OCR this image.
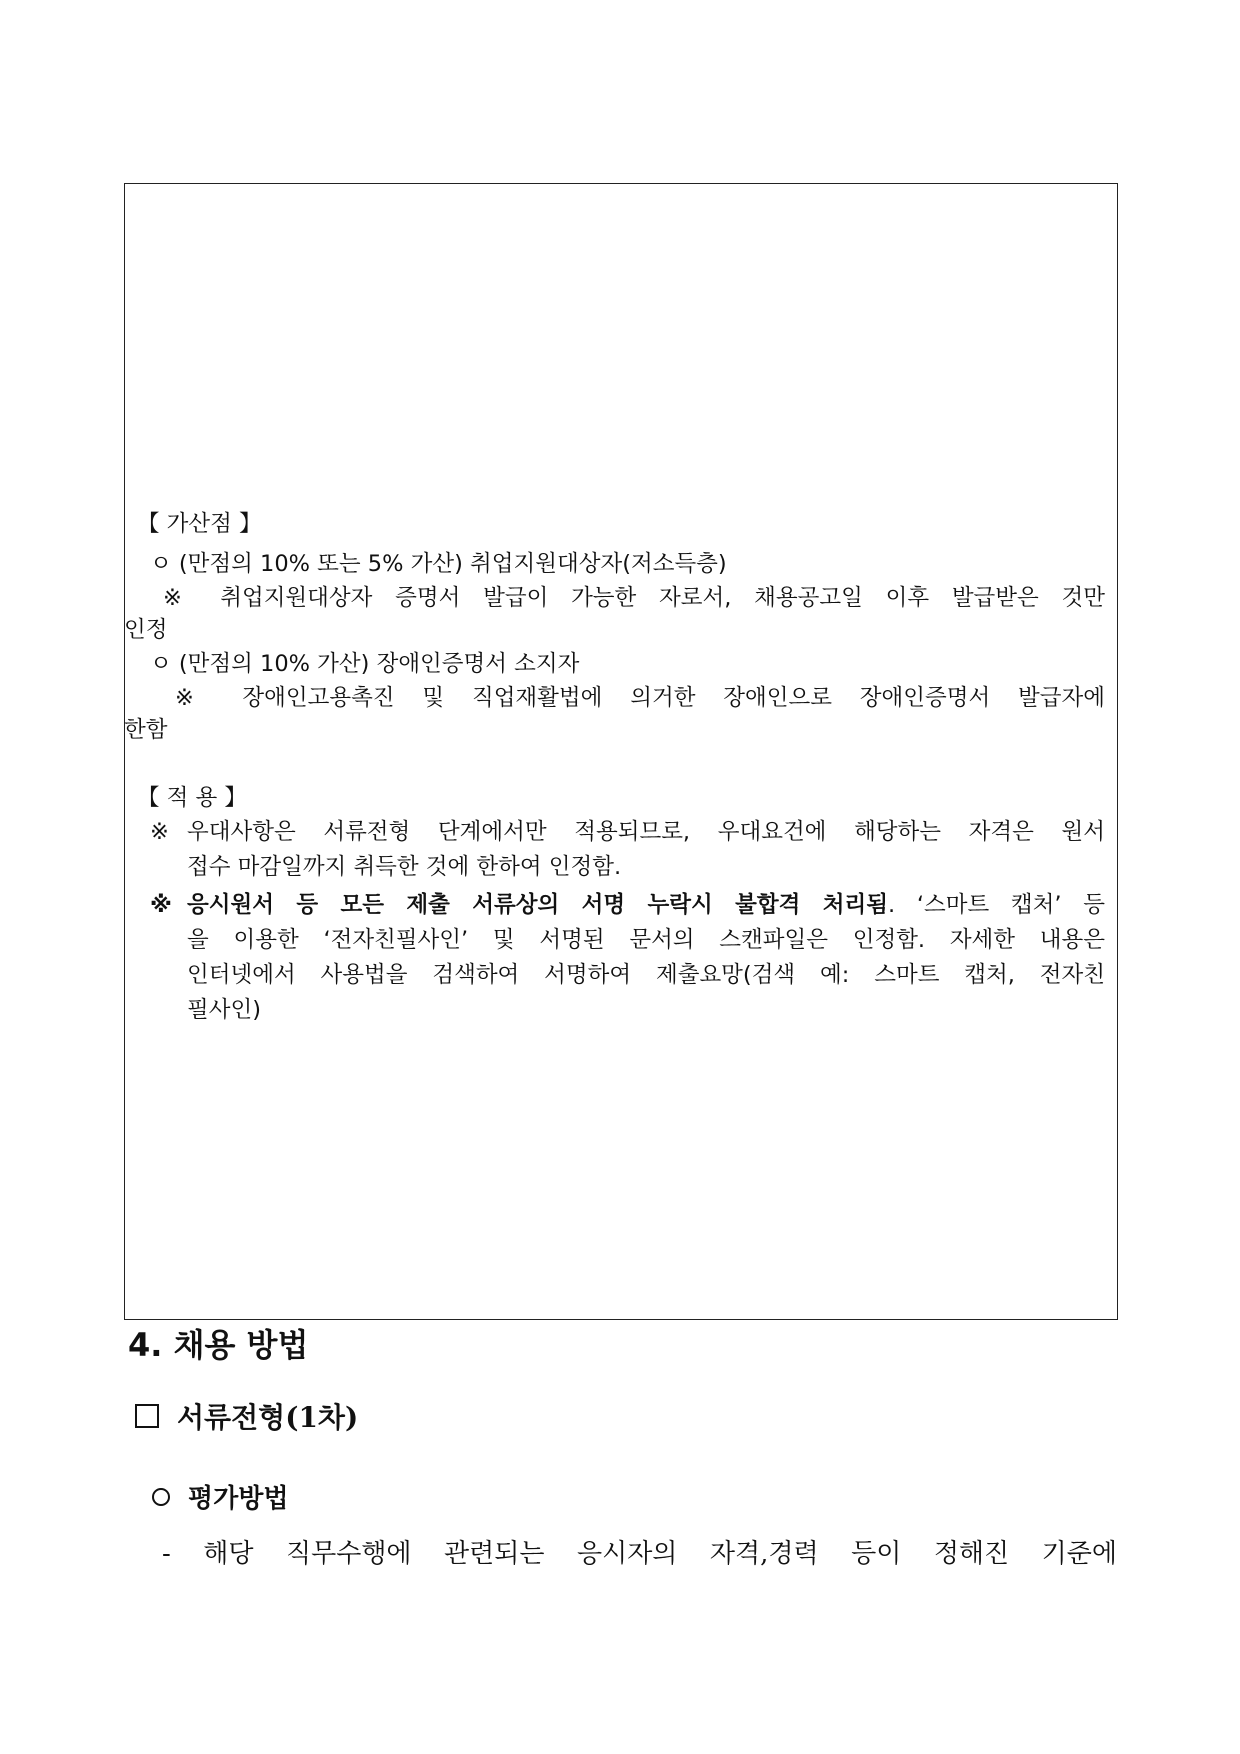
【 가산점 】
ㅇ (만점의 10% 또는 5% 가산) 취업지원대상자(저소득층)
※ 취업지원대상자 증명서 발급이 가능한 자로서, 채용공고일 이후 발급받은 것만
인정
ㅇ (만점의 10% 가산) 장애인증명서 소지자
※ 장애인고용촉진 및 직업재활법에 의거한 장애인으로 장애인증명서 발급자에
한함
【 적 용 】
※ 우대사항은 서류전형 단계에서만 적용되므로, 우대요건에 해당하는 자격은 원서
접수 마감일까지 취득한 것에 한하여 인정함.
※ 응시원서 등 모든 제출 서류상의 서명 누락시 불합격 처리됨. ‘스마트 캡처’ 등
을 이용한 ‘전자친필사인’ 및 서명된 문서의 스캔파일은 인정함. 자세한 내용은
인터넷에서 사용법을 검색하여 서명하여 제출요망(검색 예: 스마트 캡처, 전자친
필사인)
4. 채용 방법
서류전형(1차)
평가방법
- 해당 직무수행에 관련되는 응시자의 자격,경력 등이 정해진 기준에
